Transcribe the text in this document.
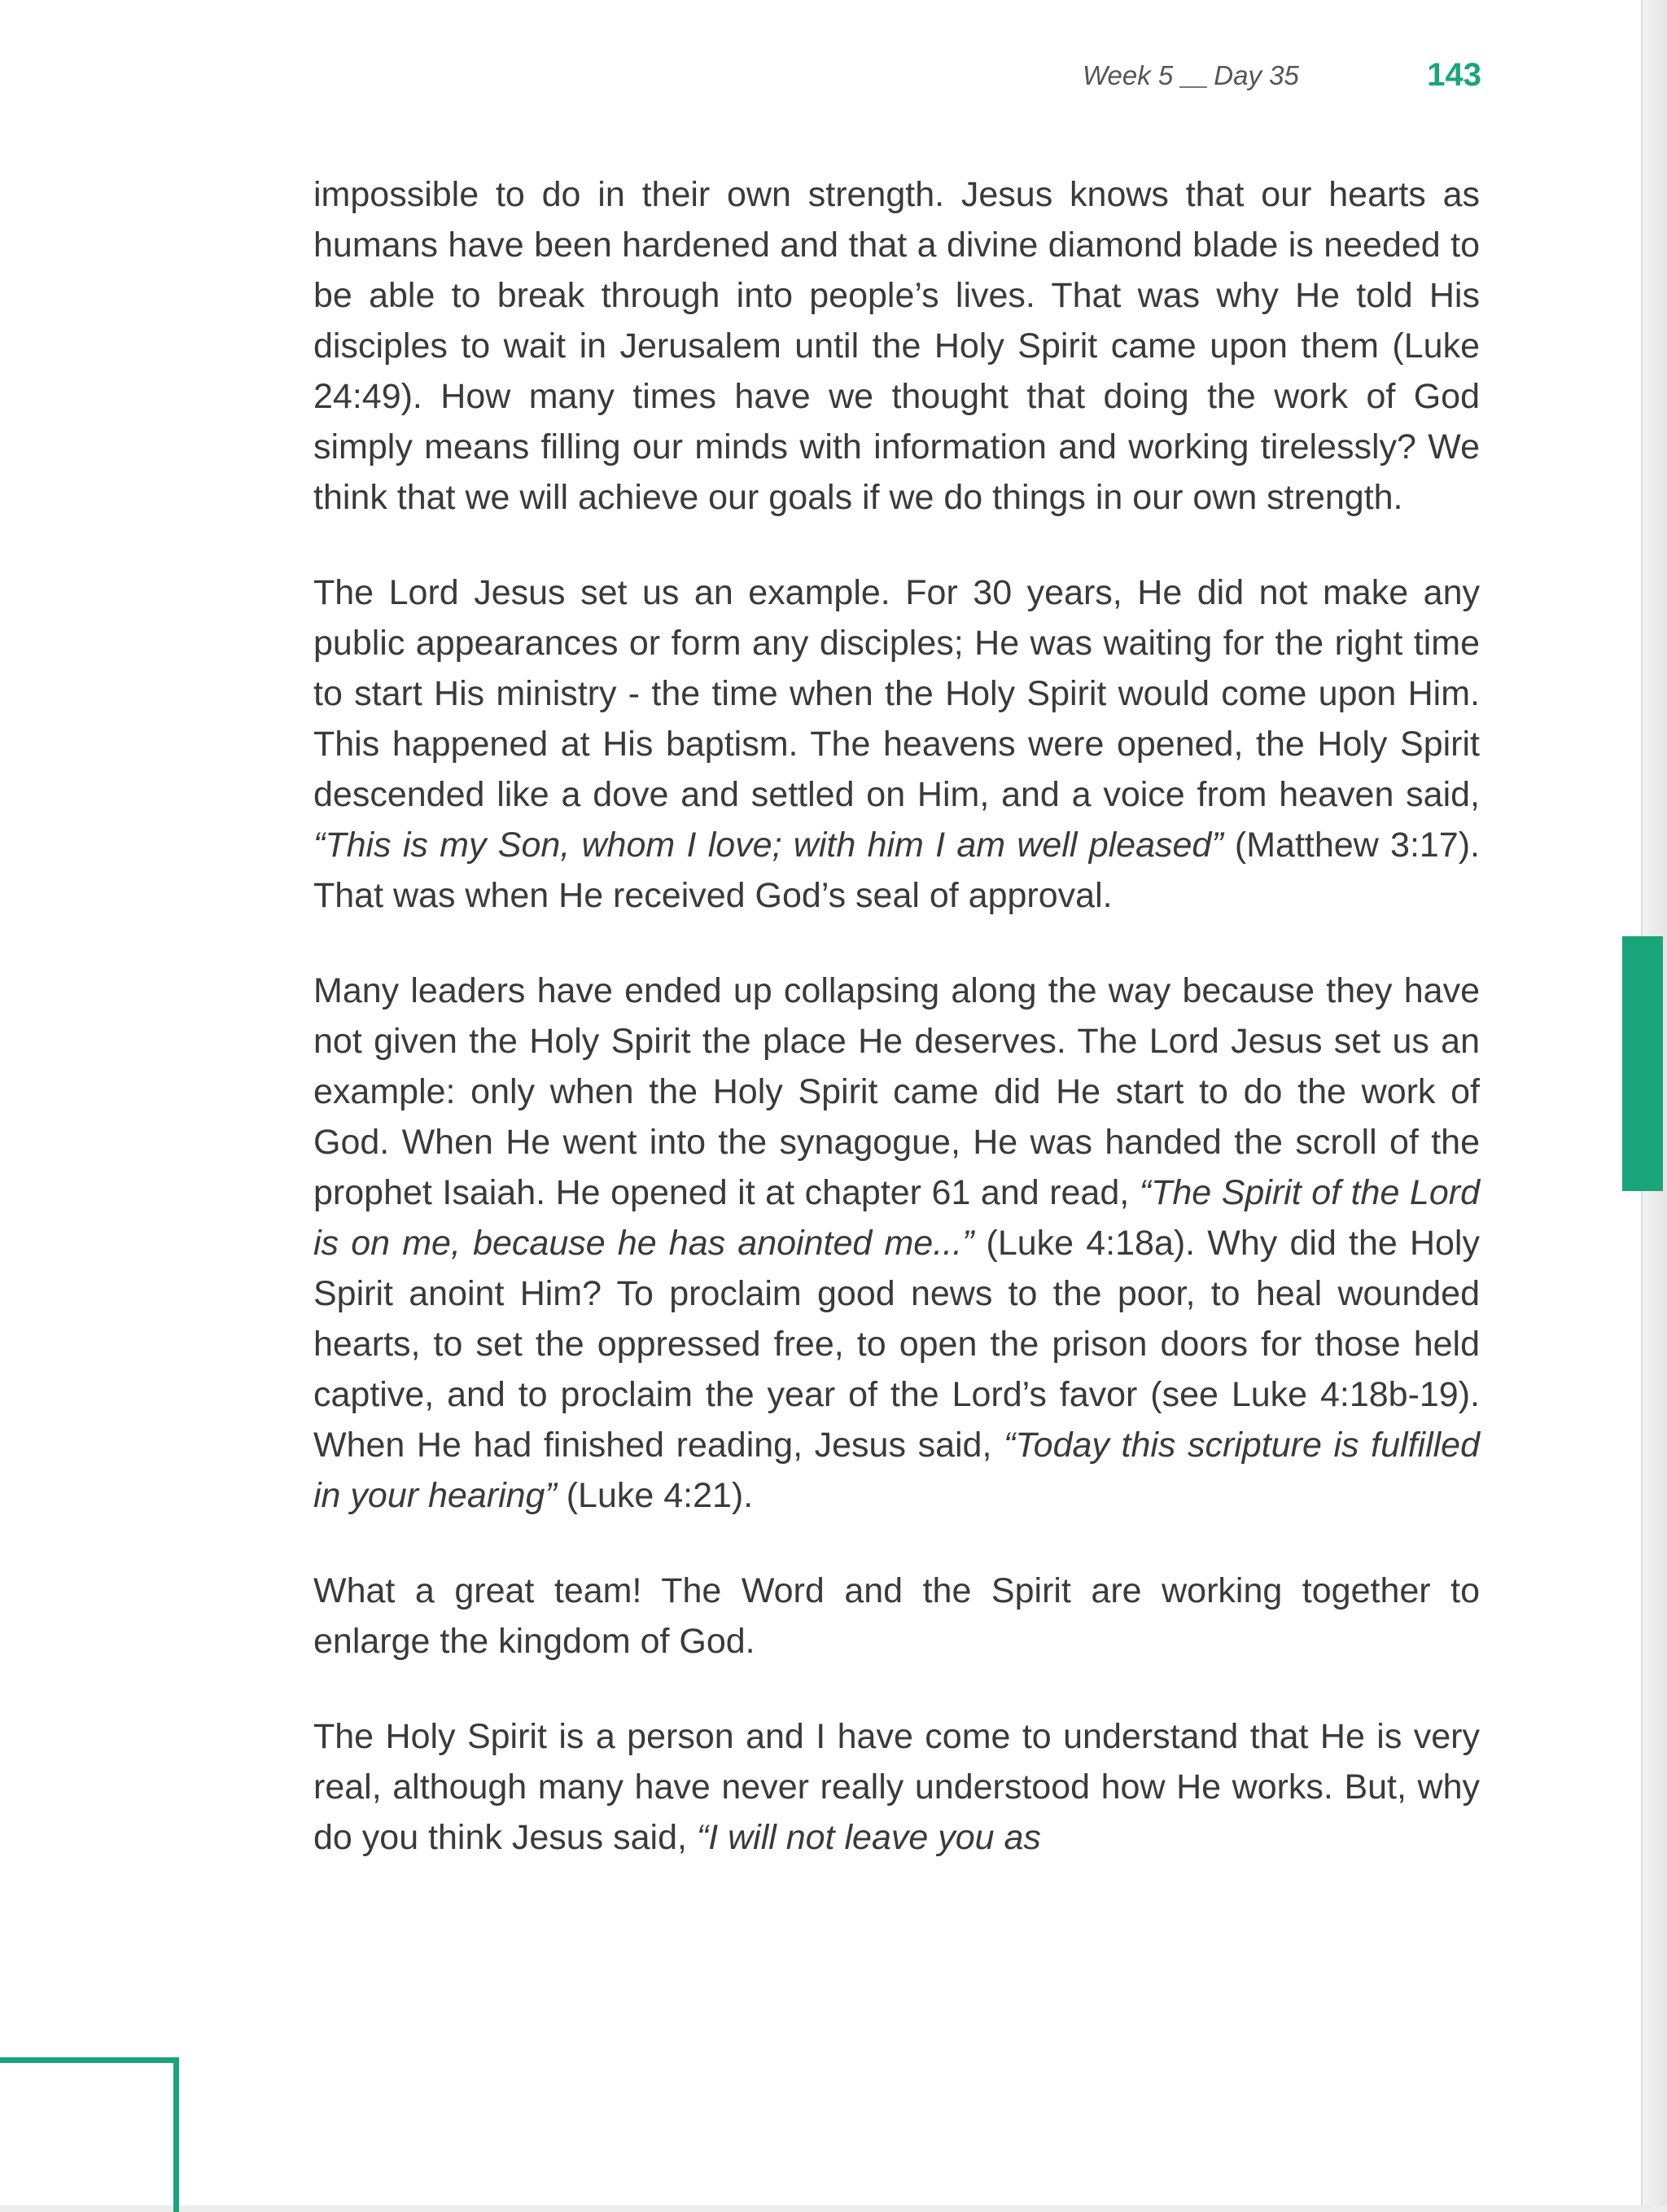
Week 5 Day 35	143

impossible to do in their own strength. Jesus knows that our hearts as humans have been hardened and that a divine diamond blade is needed to be able to break through into people’s lives. That was why He told His disciples to wait in Jerusalem until the Holy Spirit came upon them (Luke 24:49). How many times have we thought that doing the work of God simply means filling our minds with information and working tirelessly? We think that we will achieve our goals if we do things in our own strength.

The Lord Jesus set us an example. For 30 years, He did not make any public appearances or form any disciples; He was waiting for the right time to start His ministry - the time when the Holy Spirit would come upon Him. This happened at His baptism. The heavens were opened, the Holy Spirit descended like a dove and settled on Him, and a voice from heaven said, “This is my Son, whom I love; with him I am well pleased” (Matthew 3:17). That was when He received God’s seal of approval.

Many leaders have ended up collapsing along the way because they have not given the Holy Spirit the place He deserves. The Lord Jesus set us an example: only when the Holy Spirit came did He start to do the work of God. When He went into the synagogue, He was handed the scroll of the prophet Isaiah. He opened it at chapter 61 and read, “The Spirit of the Lord is on me, because he has anointed me...” (Luke 4:18a). Why did the Holy Spirit anoint Him? To proclaim good news to the poor, to heal wounded hearts, to set the oppressed free, to open the prison doors for those held captive, and to proclaim the year of the Lord’s favor (see Luke 4:18b-19). When He had finished reading, Jesus said, “Today this scripture is fulfilled in your hearing” (Luke 4:21).

What a great team! The Word and the Spirit are working together to enlarge the kingdom of God.

The Holy Spirit is a person and I have come to understand that He is very real, although many have never really understood how He works. But, why do you think Jesus said, “I will not leave you as
